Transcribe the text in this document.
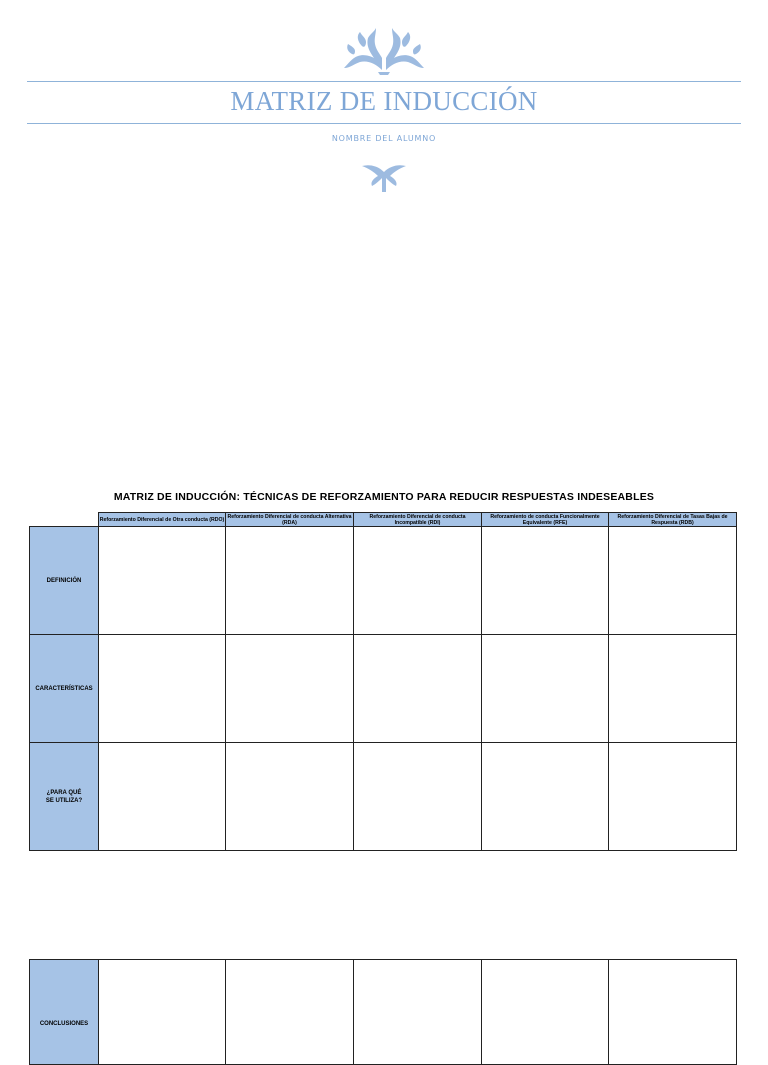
MATRIZ DE INDUCCIÓN
NOMBRE DEL ALUMNO
MATRIZ DE INDUCCIÓN: TÉCNICAS DE REFORZAMIENTO PARA REDUCIR RESPUESTAS INDESEABLES
	Reforzamiento Diferencial de Otra conducta (RDO)	Reforzamiento Diferencial de conducta Alternativa (RDA)	Reforzamiento Diferencial de conducta Incompatible (RDI)	Reforzamiento de conducta Funcionalmente Equivalente (RFE)	Reforzamiento Diferencial de Tasas Bajas de Respuesta (RDB)
DEFINICIÓN					
CARACTERÍSTICAS					
¿PARA QUÉ SE UTILIZA?					
CONCLUSIONES					
